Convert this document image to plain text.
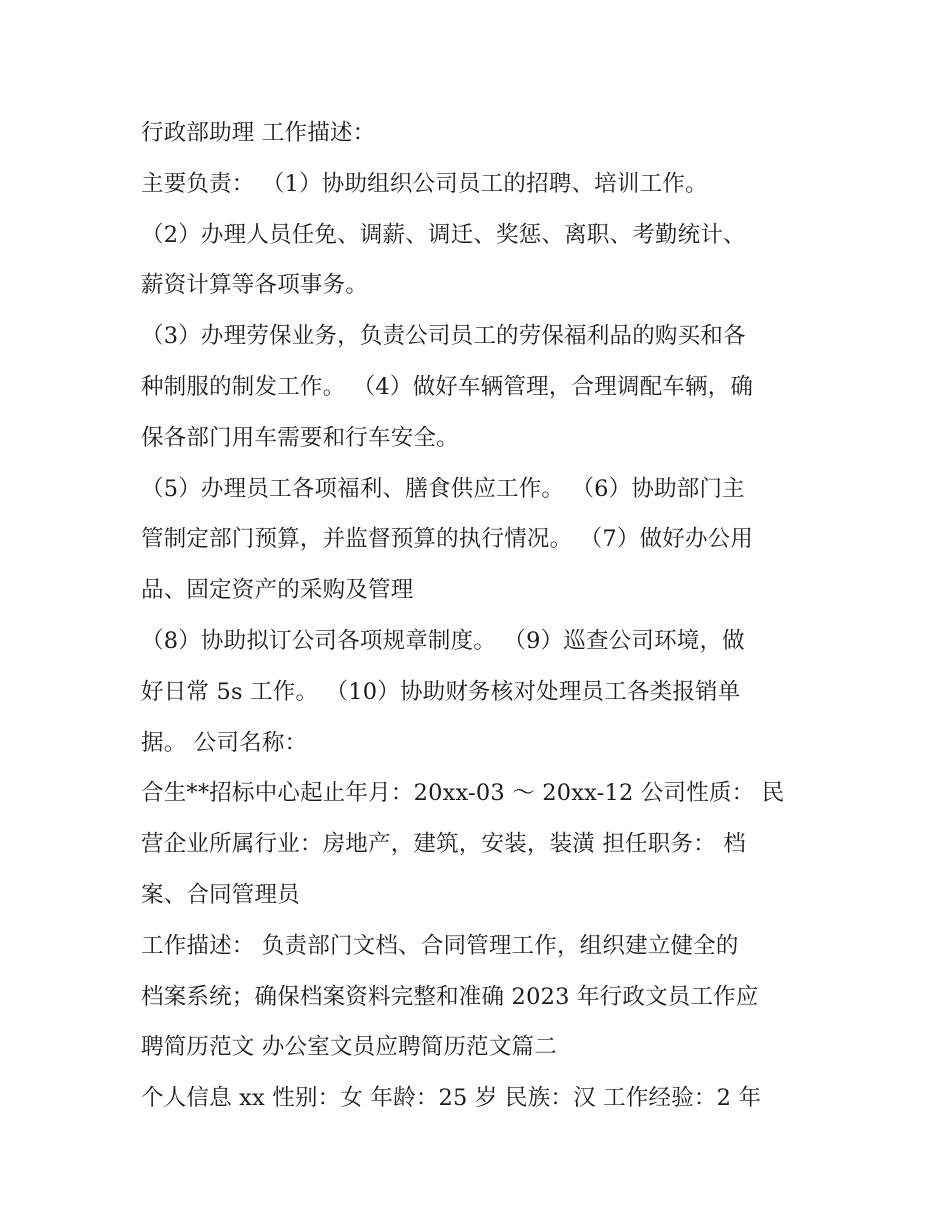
行政部助理 工作描述：
主要负责： （1）协助组织公司员工的招聘、培训工作。
（2）办理人员任免、调薪、调迁、奖惩、离职、考勤统计、
薪资计算等各项事务。
（3）办理劳保业务，负责公司员工的劳保福利品的购买和各
种制服的制发工作。 （4）做好车辆管理，合理调配车辆，确
保各部门用车需要和行车安全。
（5）办理员工各项福利、膳食供应工作。 （6）协助部门主
管制定部门预算，并监督预算的执行情况。 （7）做好办公用
品、固定资产的采购及管理
（8）协助拟订公司各项规章制度。 （9）巡查公司环境，做
好日常 5s 工作。 （10）协助财务核对处理员工各类报销单
据。 公司名称：
合生**招标中心起止年月：20xx-03 ～ 20xx-12 公司性质： 民
营企业所属行业：房地产，建筑，安装，装潢 担任职务： 档
案、合同管理员
工作描述： 负责部门文档、合同管理工作，组织建立健全的
档案系统；确保档案资料完整和准确 2023 年行政文员工作应
聘简历范文 办公室文员应聘简历范文篇二
个人信息 xx 性别：女 年龄：25 岁 民族：汉 工作经验：2 年
